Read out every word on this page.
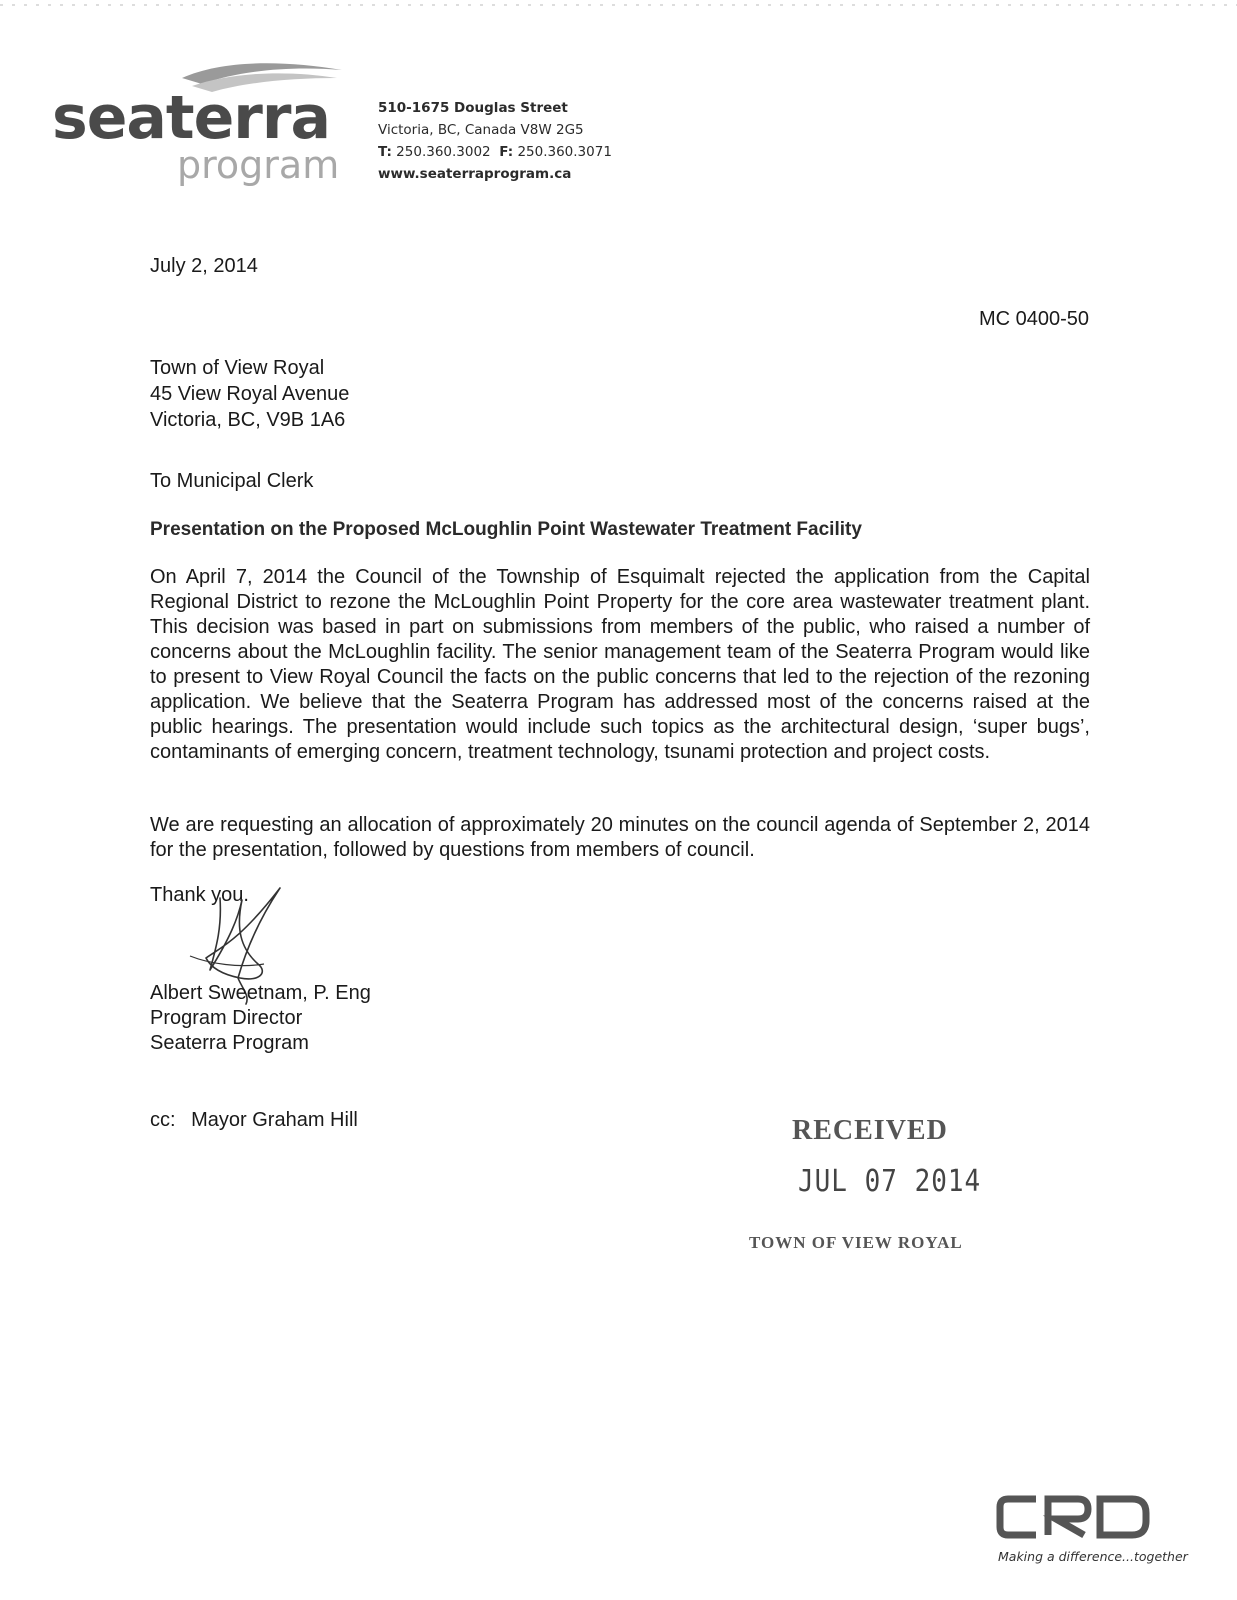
seaterra
program
510-1675 Douglas Street
Victoria, BC, Canada V8W 2G5
T: 250.360.3002 F: 250.360.3071
www.seaterraprogram.ca
July 2, 2014
MC 0400-50
Town of View Royal
45 View Royal Avenue
Victoria, BC, V9B 1A6
To Municipal Clerk
Presentation on the Proposed McLoughlin Point Wastewater Treatment Facility
On April 7, 2014 the Council of the Township of Esquimalt rejected the application from the Capital Regional District to rezone the McLoughlin Point Property for the core area wastewater treatment plant. This decision was based in part on submissions from members of the public, who raised a number of concerns about the McLoughlin facility. The senior management team of the Seaterra Program would like to present to View Royal Council the facts on the public concerns that led to the rejection of the rezoning application. We believe that the Seaterra Program has addressed most of the concerns raised at the public hearings. The presentation would include such topics as the architectural design, ‘super bugs’, contaminants of emerging concern, treatment technology, tsunami protection and project costs.
We are requesting an allocation of approximately 20 minutes on the council agenda of September 2, 2014 for the presentation, followed by questions from members of council.
Thank you.
Albert Sweetnam, P. Eng
Program Director
Seaterra Program
cc: Mayor Graham Hill	RECEIVED
JUL 07 2014
TOWN OF VIEW ROYAL
Making a difference...together
